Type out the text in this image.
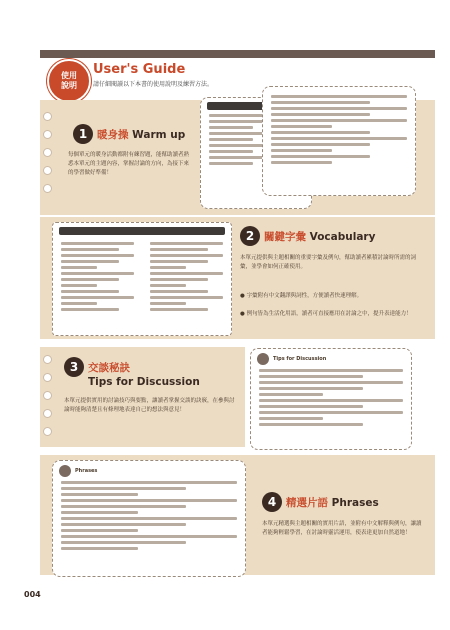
使用
說明
User's Guide
請仔細閱讀以下本書的使用說明及練習方法。
1 暖身操 Warm up
每個單元的暖身活動都附有練習題，能幫助讀者熟悉本單元的主題內容，掌握討論的方向，為接下來的學習做好準備！
2 關鍵字彙 Vocabulary
本單元提供與主題相關的重要字彙及例句，幫助讀者累積討論時所需的詞彙，並學會如何正確使用。
● 字彙附有中文翻譯與詞性，方便讀者快速理解。
● 例句皆為生活化用語，讀者可直接應用在討論之中，提升表達能力！
3 交談秘訣
Tips for Discussion
本單元提供實用的討論技巧與要點，讓讀者掌握交談的訣竅，在參與討論時能夠清楚且有條理地表達自己的想法與意見！
Tips for Discussion
Phrases
4 精選片語 Phrases
本單元精選與主題相關的實用片語，並附有中文解釋與例句，讓讀者能夠輕鬆學習，在討論時靈活運用，使表達更加自然道地！
004
